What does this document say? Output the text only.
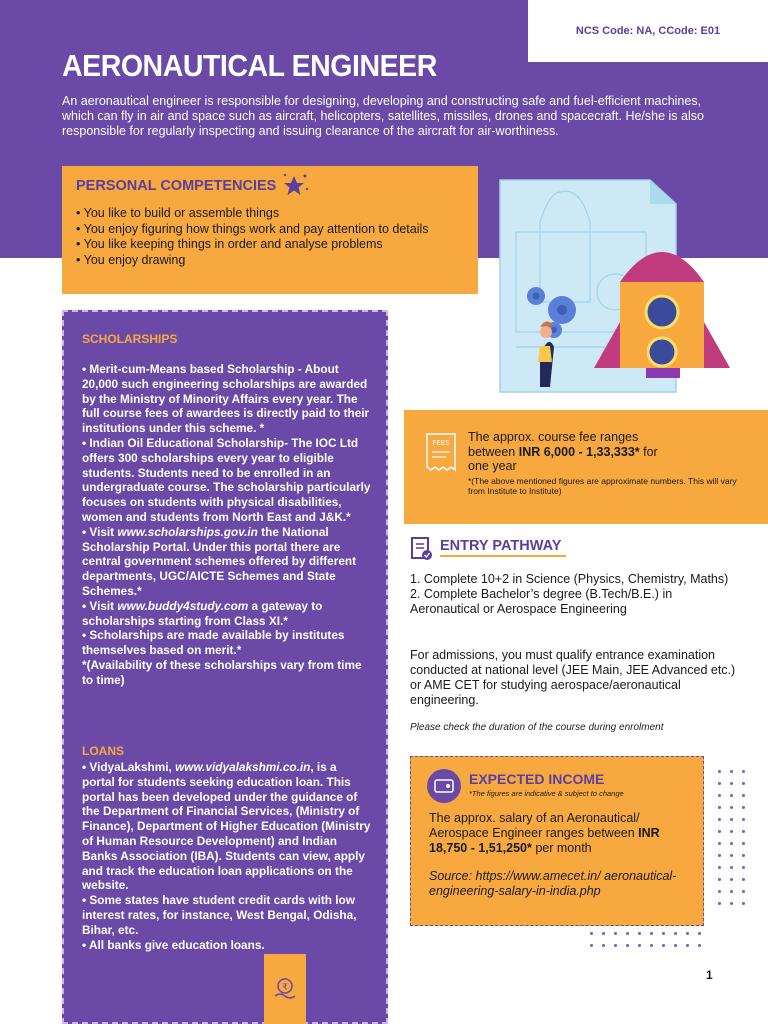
NCS Code: NA, CCode: E01
AERONAUTICAL ENGINEER

An aeronautical engineer is responsible for designing, developing and constructing safe and fuel-efficient machines, which can fly in air and space such as aircraft, helicopters, satellites, missiles, drones and spacecraft. He/she is also responsible for regularly inspecting and issuing clearance of the aircraft for air-worthiness.

PERSONAL COMPETENCIES
• You like to build or assemble things
• You enjoy figuring how things work and pay attention to details
• You like keeping things in order and analyse problems
• You enjoy drawing
SCHOLARSHIPS
• Merit-cum-Means based Scholarship - About 20,000 such engineering scholarships are awarded by the Ministry of Minority Affairs every year. The full course fees of awardees is directly paid to their institutions under this scheme. *
• Indian Oil Educational Scholarship- The IOC Ltd offers 300 scholarships every year to eligible students. Students need to be enrolled in an undergraduate course. The scholarship particularly focuses on students with physical disabilities, women and students from North East and J&K.*
• Visit www.scholarships.gov.in the National Scholarship Portal. Under this portal there are central government schemes offered by different departments, UGC/AICTE Schemes and State Schemes.*
• Visit www.buddy4study.com a gateway to scholarships starting from Class XI.*
• Scholarships are made available by institutes themselves based on merit.*
*(Availability of these scholarships vary from time to time)
LOANS
• VidyaLakshmi, www.vidyalakshmi.co.in, is a portal for students seeking education loan. This portal has been developed under the guidance of the Department of Financial Services, (Ministry of Finance), Department of Higher Education (Ministry of Human Resource Development) and Indian Banks Association (IBA). Students can view, apply and track the education loan applications on the website.
• Some states have student credit cards with low interest rates, for instance, West Bengal, Odisha, Bihar, etc.
• All banks give education loans.
₹
FEES The approx. course fee ranges
between INR 6,000 - 1,33,333* for
one year
*(The above mentioned figures are approximate numbers. This will vary from Institute to Institute)
ENTRY PATHWAY
1. Complete 10+2 in Science (Physics, Chemistry, Maths)
2. Complete Bachelor’s degree (B.Tech/B.E.) in Aeronautical or Aerospace Engineering
For admissions, you must qualify entrance examination conducted at national level (JEE Main, JEE Advanced etc.) or AME CET for studying aerospace/aeronautical engineering.
Please check the duration of the course during enrolment
EXPECTED INCOME
*The figures are indicative & subject to change
The approx. salary of an Aeronautical/ Aerospace Engineer ranges between INR 18,750 - 1,51,250* per month
Source: https://www.amecet.in/ aeronautical-engineering-salary-in-india.php
1
